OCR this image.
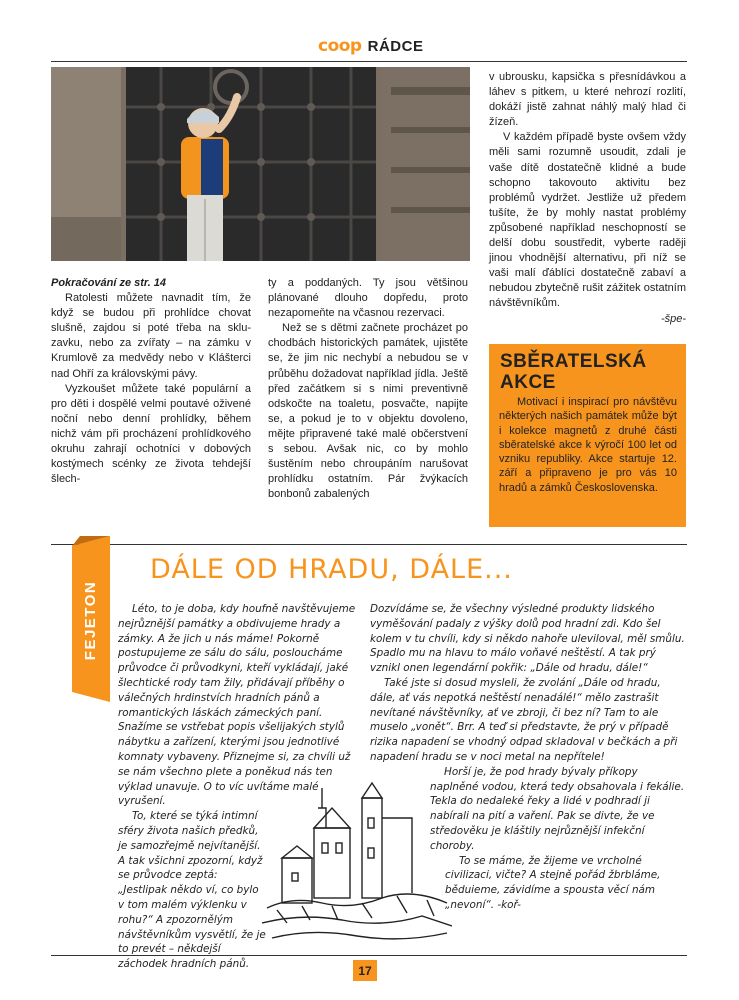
coop RÁDCE

Pokračování ze str. 14

Ratolesti můžete navnadit tím, že když se budou při prohlídce chovat slušně, zajdou si poté třeba na skluzavku, nebo za zvířaty – na zámku v Krumlově za medvědy nebo v Klášterci nad Ohří za královskými pávy.

Vyzkoušet můžete také populární a pro děti i dospělé velmi poutavé oživené noční nebo denní prohlídky, během nichž vám při procházení prohlídkového okruhu zahrají ochotníci v dobových kostýmech scénky ze života tehdejší šlech-

ty a poddaných. Ty jsou většinou plánované dlouho dopředu, proto nezapomeňte na včasnou rezervaci.

Než se s dětmi začnete procházet po chodbách historických památek, ujistěte se, že jim nic nechybí a nebudou se v průběhu dožadovat například jídla. Ještě před začátkem si s nimi preventivně odskočte na toaletu, posvačte, napijte se, a pokud je to v objektu dovoleno, mějte připravené také malé občerstvení s sebou. Avšak nic, co by mohlo šustěním nebo chroupáním narušovat prohlídku ostatním. Pár žvýkacích bonbonů zabalených

v ubrousku, kapsička s přesnídávkou a láhev s pitkem, u které nehrozí rozlití, dokáží jistě zahnat náhlý malý hlad či žízeň.

V každém případě byste ovšem vždy měli sami rozumně usoudit, zdali je vaše dítě dostatečně klidné a bude schopno takovouto aktivitu bez problémů vydržet. Jestliže už předem tušíte, že by mohly nastat problémy způsobené například neschopností se delší dobu soustředit, vyberte raději jinou vhodnější alternativu, při níž se vaši malí ďáblíci dostatečně zabaví a nebudou zbytečně rušit zážitek ostatním návštěvníkům.

-špe-
SBĚRATELSKÁ
AKCE

Motivací i inspirací pro návštěvu některých našich památek může být i kolekce magnetů z druhé části sběratelské akce k výročí 100 let od vzniku republiky. Akce startuje 12. září a připraveno je pro vás 10 hradů a zámků Československa.

FEJETON
DÁLE OD HRADU, DÁLE...

Léto, to je doba, kdy houfně navštěvujeme nejrůznější památky a obdivujeme hrady a zámky. A že jich u nás máme! Pokorně postupujeme ze sálu do sálu, posloucháme průvodce či průvodkyni, kteří vykládají, jaké šlechtické rody tam žily, přidávají příběhy o válečných hrdinstvích hradních pánů a romantických láskách zámeckých paní. Snažíme se vstřebat popis všelijakých stylů nábytku a zařízení, kterými jsou jednotlivé komnaty vybaveny. Přiznejme si, za chvíli už se nám všechno plete a poněkud nás ten výklad unavuje. O to víc uvítáme malé vyrušení.

To, které se týká intimní sféry života našich předků, je samozřejmě nejvítanější. A tak všichni zpozorní, když se průvodce zeptá: „Jestlipak někdo ví, co bylo v tom malém výklenku v rohu?“ A zpozornělým návštěvníkům vysvětlí, že je to prevét – někdejší záchodek hradních pánů.

Dozvídáme se, že všechny výsledné produkty lidského vyměšování padaly z výšky dolů pod hradní zdi. Kdo šel kolem v tu chvíli, kdy si někdo nahoře uleviloval, měl smůlu. Spadlo mu na hlavu to málo voňavé neštěstí. A tak prý vznikl onen legendární pokřik: „Dále od hradu, dále!“

Také jste si dosud mysleli, že zvolání „Dále od hradu, dále, ať vás nepotká neštěstí nenadálé!“ mělo zastrašit nevítané návštěvníky, ať ve zbroji, či bez ní? Tam to ale muselo „vonět“. Brr. A teď si představte, že prý v případě rizika napadení se vhodný odpad skladoval v bečkách a při napadení hradu se v noci metal na nepřítele!

Horší je, že pod hrady bývaly příkopy naplněné vodou, která tedy obsahovala i fekálie. Tekla do nedaleké řeky a lidé v podhradí ji nabírali na pití a vaření. Pak se divte, že ve středověku je kláštily nejrůznější infekční choroby.

To se máme, že žijeme ve vrcholné civilizaci, vičte? A stejně pořád žbrbláme, běduieme, závidíme a spousta věcí nám „nevoní“. -koř-

17
